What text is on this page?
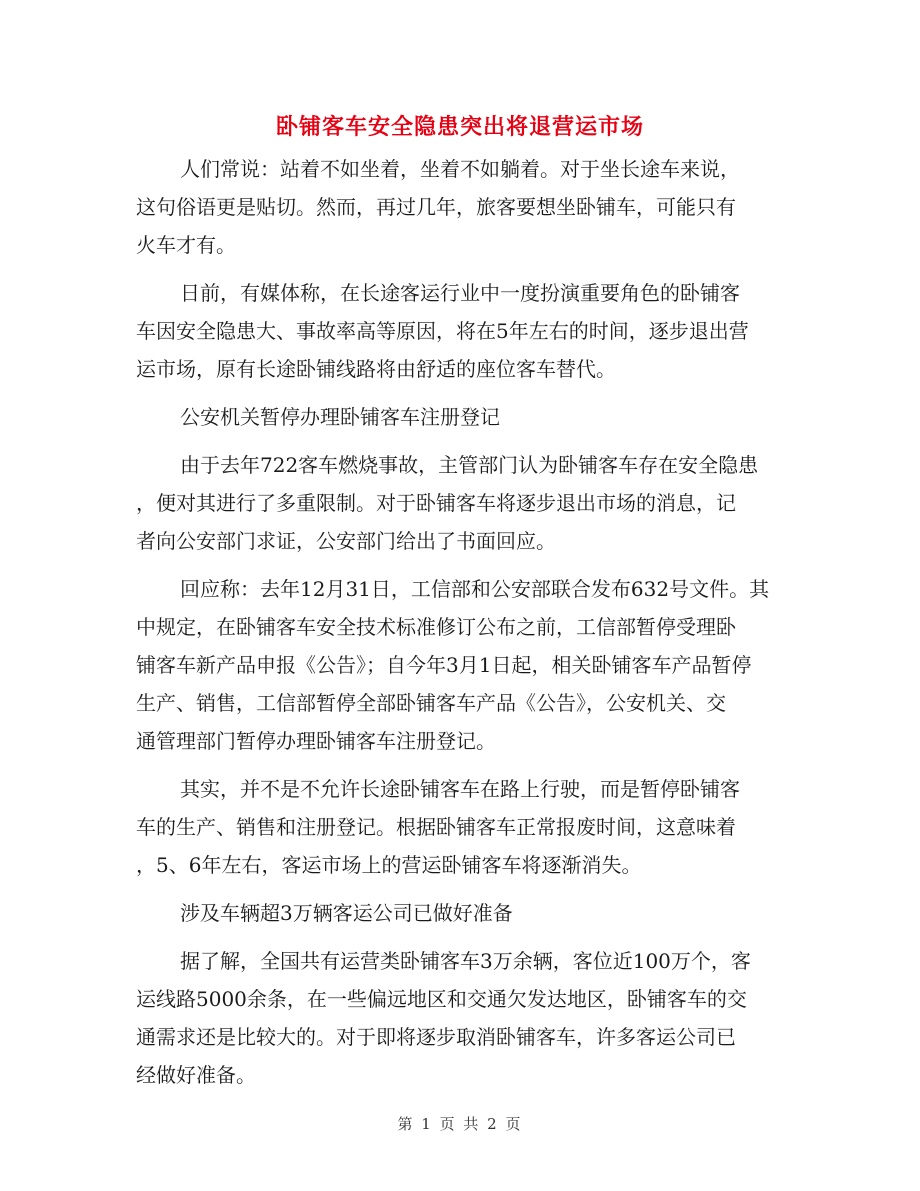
卧铺客车安全隐患突出将退营运市场

人们常说：站着不如坐着，坐着不如躺着。对于坐长途车来说，
这句俗语更是贴切。然而，再过几年，旅客要想坐卧铺车，可能只有
火车才有。

日前，有媒体称，在长途客运行业中一度扮演重要角色的卧铺客
车因安全隐患大、事故率高等原因，将在5年左右的时间，逐步退出营
运市场，原有长途卧铺线路将由舒适的座位客车替代。

公安机关暂停办理卧铺客车注册登记

由于去年722客车燃烧事故，主管部门认为卧铺客车存在安全隐患
，便对其进行了多重限制。对于卧铺客车将逐步退出市场的消息，记
者向公安部门求证，公安部门给出了书面回应。

回应称：去年12月31日，工信部和公安部联合发布632号文件。其
中规定，在卧铺客车安全技术标准修订公布之前，工信部暂停受理卧
铺客车新产品申报《公告》；自今年3月1日起，相关卧铺客车产品暂停
生产、销售，工信部暂停全部卧铺客车产品《公告》，公安机关、交
通管理部门暂停办理卧铺客车注册登记。

其实，并不是不允许长途卧铺客车在路上行驶，而是暂停卧铺客
车的生产、销售和注册登记。根据卧铺客车正常报废时间，这意味着
，5、6年左右，客运市场上的营运卧铺客车将逐渐消失。

涉及车辆超3万辆客运公司已做好准备

据了解，全国共有运营类卧铺客车3万余辆，客位近100万个，客
运线路5000余条，在一些偏远地区和交通欠发达地区，卧铺客车的交
通需求还是比较大的。对于即将逐步取消卧铺客车，许多客运公司已
经做好准备。

第 1 页 共 2 页
